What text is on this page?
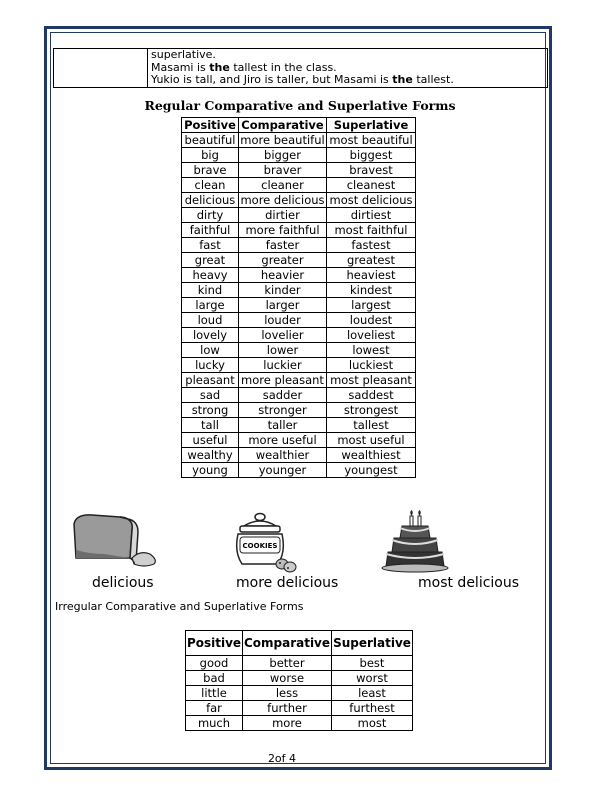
superlative.
Masami is the tallest in the class.
Yukio is tall, and Jiro is taller, but Masami is the tallest.
Regular Comparative and Superlative Forms
Positive	Comparative	Superlative
beautiful	more beautiful	most beautiful
big	bigger	biggest
brave	braver	bravest
clean	cleaner	cleanest
delicious	more delicious	most delicious
dirty	dirtier	dirtiest
faithful	more faithful	most faithful
fast	faster	fastest
great	greater	greatest
heavy	heavier	heaviest
kind	kinder	kindest
large	larger	largest
loud	louder	loudest
lovely	lovelier	loveliest
low	lower	lowest
lucky	luckier	luckiest
pleasant	more pleasant	most pleasant
sad	sadder	saddest
strong	stronger	strongest
tall	taller	tallest
useful	more useful	most useful
wealthy	wealthier	wealthiest
young	younger	youngest
COOKIES
delicious	more delicious	most delicious
Irregular Comparative and Superlative Forms
Positive	Comparative	Superlative
good	better	best
bad	worse	worst
little	less	least
far	further	furthest
much	more	most
2of 4
